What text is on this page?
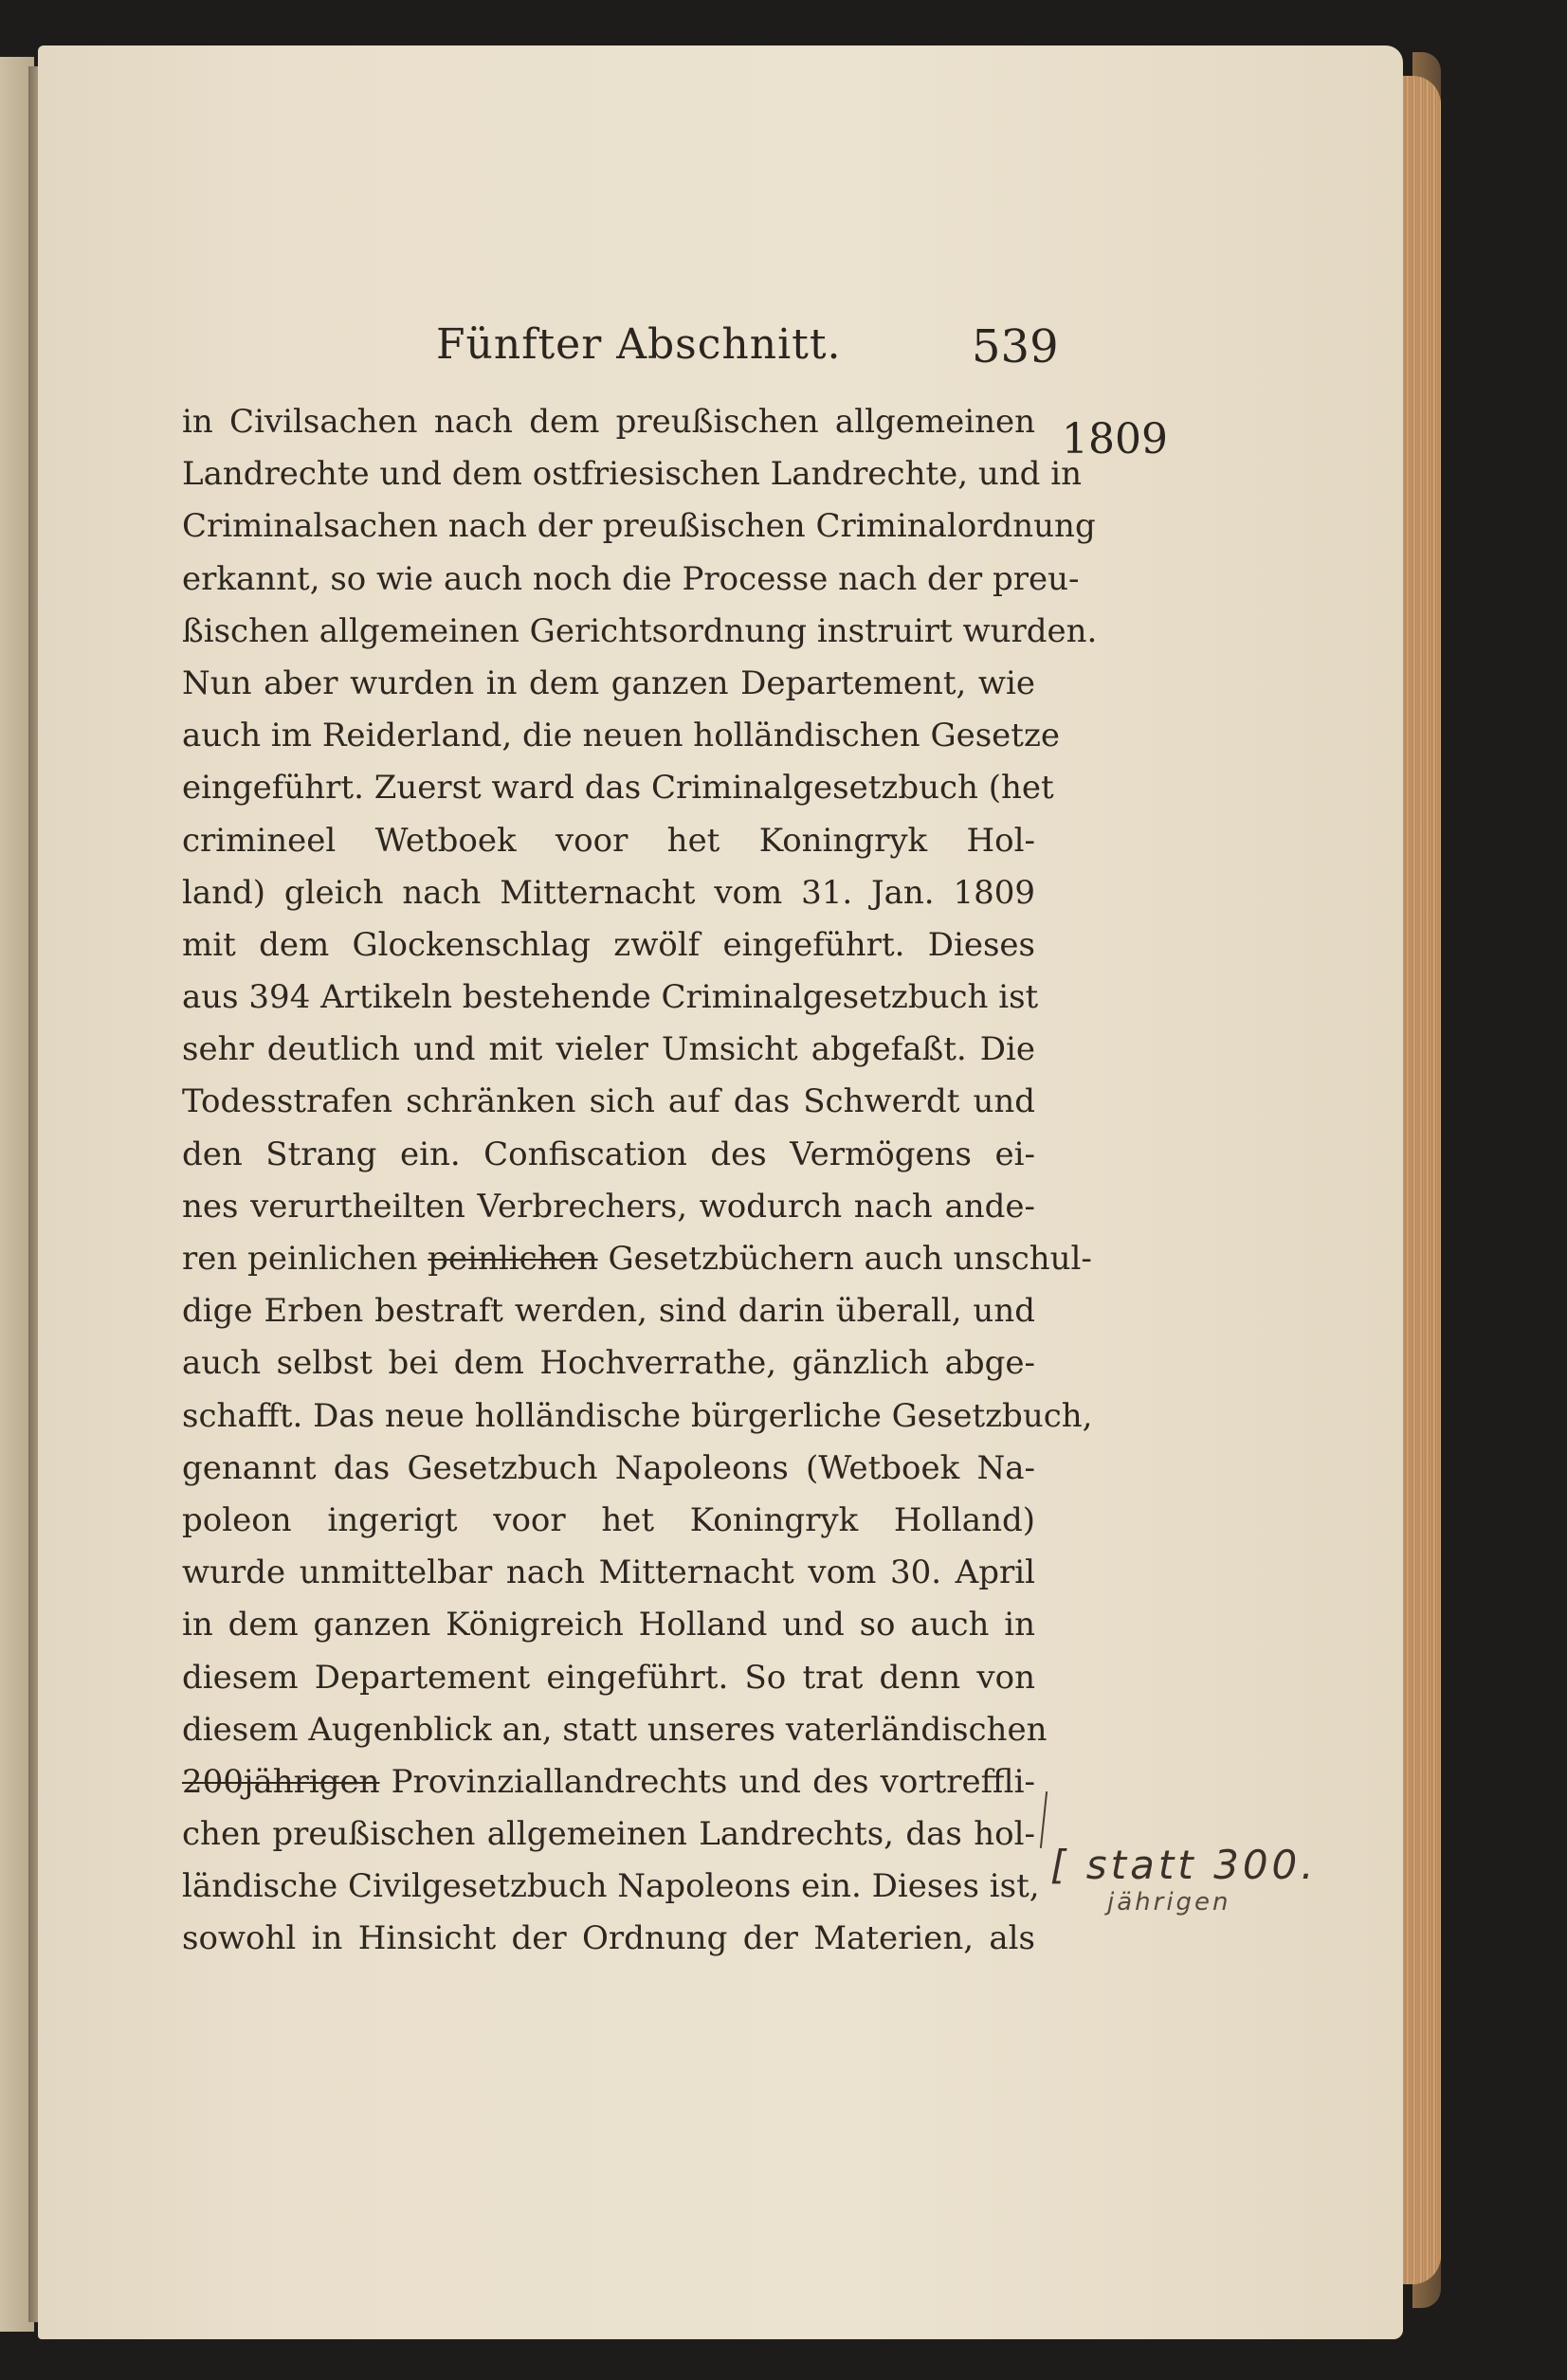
Fünfter Abschnitt.	539
1809
in Civilsachen nach dem preußischen allgemeinen
Landrechte und dem ostfriesischen Landrechte, und in
Criminalsachen nach der preußischen Criminalordnung
erkannt, so wie auch noch die Processe nach der preu-
ßischen allgemeinen Gerichtsordnung instruirt wurden.
Nun aber wurden in dem ganzen Departement, wie
auch im Reiderland, die neuen holländischen Gesetze
eingeführt. Zuerst ward das Criminalgesetzbuch (het
crimineel Wetboek voor het Koningryk Hol-
land) gleich nach Mitternacht vom 31. Jan. 1809
mit dem Glockenschlag zwölf eingeführt. Dieses
aus 394 Artikeln bestehende Criminalgesetzbuch ist
sehr deutlich und mit vieler Umsicht abgefaßt. Die
Todesstrafen schränken sich auf das Schwerdt und
den Strang ein. Confiscation des Vermögens ei-
nes verurtheilten Verbrechers, wodurch nach ande-
ren peinlichen peinlichen Gesetzbüchern auch unschul-
dige Erben bestraft werden, sind darin überall, und
auch selbst bei dem Hochverrathe, gänzlich abge-
schafft. Das neue holländische bürgerliche Gesetzbuch,
genannt das Gesetzbuch Napoleons (Wetboek Na-
poleon ingerigt voor het Koningryk Holland)
wurde unmittelbar nach Mitternacht vom 30. April
in dem ganzen Königreich Holland und so auch in
diesem Departement eingeführt. So trat denn von
diesem Augenblick an, statt unseres vaterländischen
200jährigen Provinziallandrechts und des vortreffli-
chen preußischen allgemeinen Landrechts, das hol-
ländische Civilgesetzbuch Napoleons ein. Dieses ist,
sowohl in Hinsicht der Ordnung der Materien, als
[ statt 300.
jährigen
